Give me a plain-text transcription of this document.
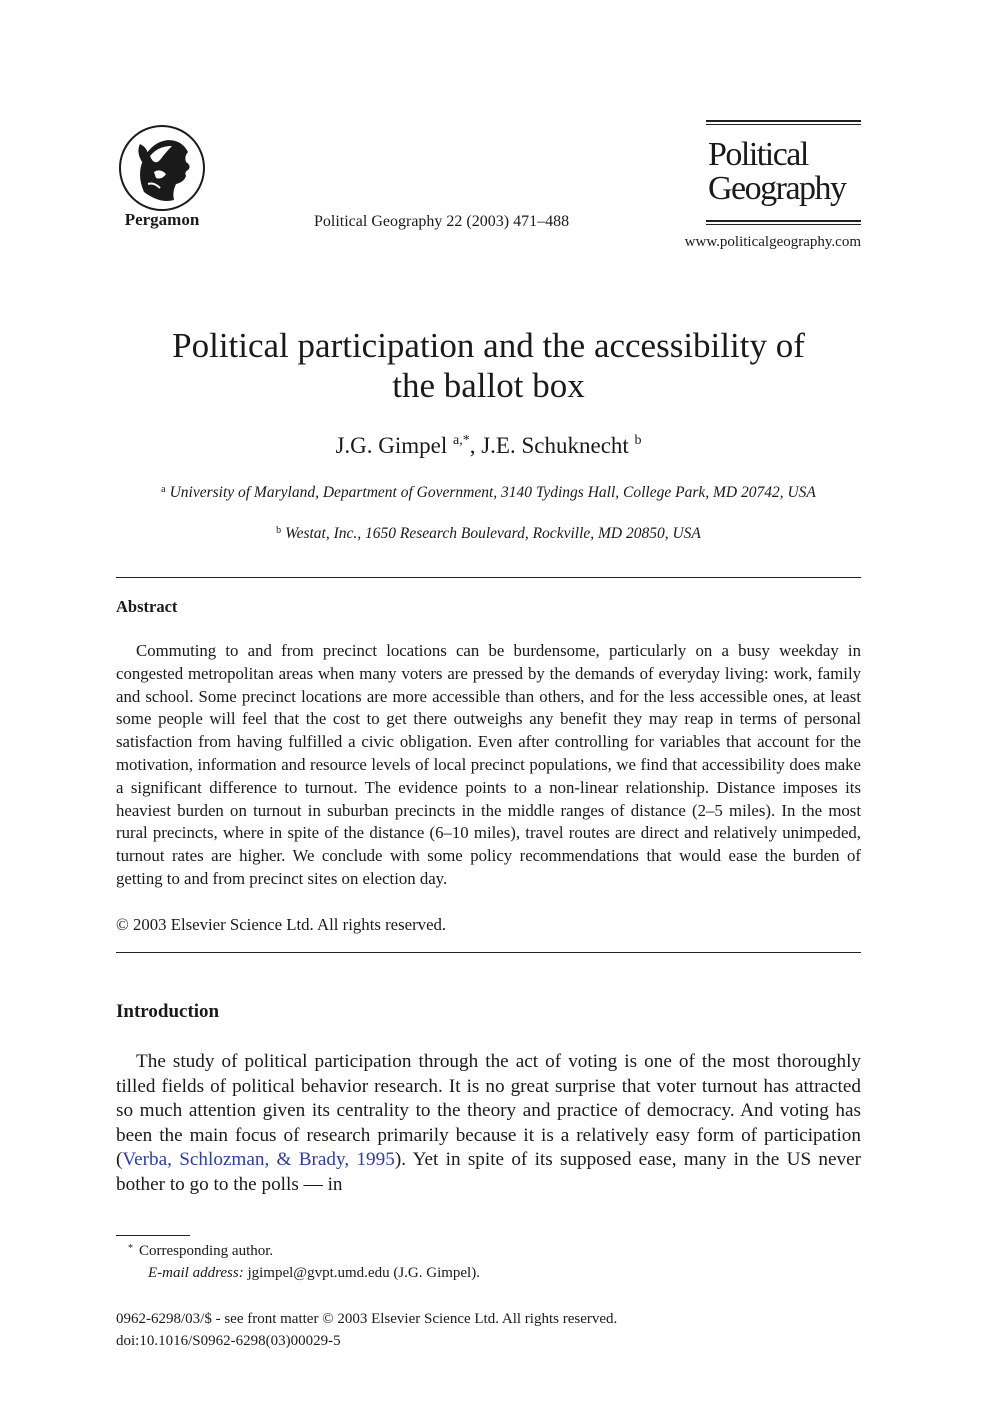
Pergamon	Political Geography 22 (2003) 471–488
Political
Geography
www.politicalgeography.com
Political participation and the accessibility of
the ballot box
J.G. Gimpel $^{a,*}$, J.E. Schuknecht $^b$
$^a$ University of Maryland, Department of Government, 3140 Tydings Hall, College Park, MD 20742, USA
$^b$ Westat, Inc., 1650 Research Boulevard, Rockville, MD 20850, USA
Abstract
Commuting to and from precinct locations can be burdensome, particularly on a busy weekday in congested metropolitan areas when many voters are pressed by the demands of everyday living: work, family and school. Some precinct locations are more accessible than others, and for the less accessible ones, at least some people will feel that the cost to get there outweighs any benefit they may reap in terms of personal satisfaction from having fulfilled a civic obligation. Even after controlling for variables that account for the motivation, information and resource levels of local precinct populations, we find that accessibility does make a significant difference to turnout. The evidence points to a non-linear relationship. Distance imposes its heaviest burden on turnout in suburban precincts in the middle ranges of distance (2–5 miles). In the most rural precincts, where in spite of the distance (6–10 miles), travel routes are direct and relatively unimpeded, turnout rates are higher. We conclude with some policy recommendations that would ease the burden of getting to and from precinct sites on election day.
© 2003 Elsevier Science Ltd. All rights reserved.
Introduction
The study of political participation through the act of voting is one of the most thoroughly tilled fields of political behavior research. It is no great surprise that voter turnout has attracted so much attention given its centrality to the theory and practice of democracy. And voting has been the main focus of research primarily because it is a relatively easy form of participation (Verba, Schlozman, & Brady, 1995). Yet in spite of its supposed ease, many in the US never bother to go to the polls — in
* Corresponding author.
E-mail address: jgimpel@gvpt.umd.edu (J.G. Gimpel).
0962-6298/03/$ - see front matter © 2003 Elsevier Science Ltd. All rights reserved.
doi:10.1016/S0962-6298(03)00029-5
